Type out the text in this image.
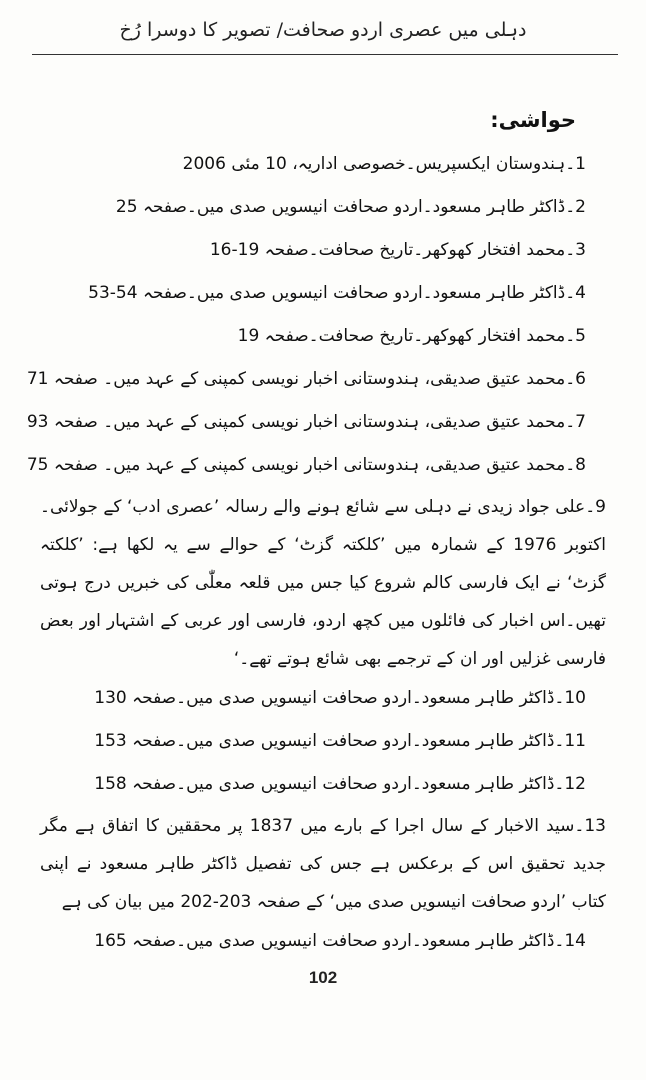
دہلی میں عصری اردو صحافت/ تصویر کا دوسرا رُخ
حواشی:
1۔ہندوستان ایکسپریس۔خصوصی اداریہ، 10 مئی 2006
2۔ڈاکٹر طاہر مسعود۔اردو صحافت انیسویں صدی میں۔صفحہ 25
3۔محمد افتخار کھوکھر۔تاریخ صحافت۔صفحہ 19-16
4۔ڈاکٹر طاہر مسعود۔اردو صحافت انیسویں صدی میں۔صفحہ 54-53
5۔محمد افتخار کھوکھر۔تاریخ صحافت۔صفحہ 19
6۔محمد عتیق صدیقی، ہندوستانی اخبار نویسی کمپنی کے عہد میں۔ صفحہ 71
7۔محمد عتیق صدیقی، ہندوستانی اخبار نویسی کمپنی کے عہد میں۔ صفحہ 93
8۔محمد عتیق صدیقی، ہندوستانی اخبار نویسی کمپنی کے عہد میں۔ صفحہ 75
9۔علی جواد زیدی نے دہلی سے شائع ہونے والے رسالہ ’عصری ادب‘ کے جولائی۔اکتوبر 1976 کے شمارہ میں ’کلکتہ گزٹ‘ کے حوالے سے یہ لکھا ہے: ’کلکتہ گزٹ‘ نے ایک فارسی کالم شروع کیا جس میں قلعہ معلّٰی کی خبریں درج ہوتی تھیں۔اس اخبار کی فائلوں میں کچھ اردو، فارسی اور عربی کے اشتہار اور بعض فارسی غزلیں اور ان کے ترجمے بھی شائع ہوتے تھے۔‘
10۔ڈاکٹر طاہر مسعود۔اردو صحافت انیسویں صدی میں۔صفحہ 130
11۔ڈاکٹر طاہر مسعود۔اردو صحافت انیسویں صدی میں۔صفحہ 153
12۔ڈاکٹر طاہر مسعود۔اردو صحافت انیسویں صدی میں۔صفحہ 158
13۔سید الاخبار کے سال اجرا کے بارے میں 1837 پر محققین کا اتفاق ہے مگر جدید تحقیق اس کے برعکس ہے جس کی تفصیل ڈاکٹر طاہر مسعود نے اپنی کتاب ’اردو صحافت انیسویں صدی میں‘ کے صفحہ 203-202 میں بیان کی ہے
14۔ڈاکٹر طاہر مسعود۔اردو صحافت انیسویں صدی میں۔صفحہ 165
102
